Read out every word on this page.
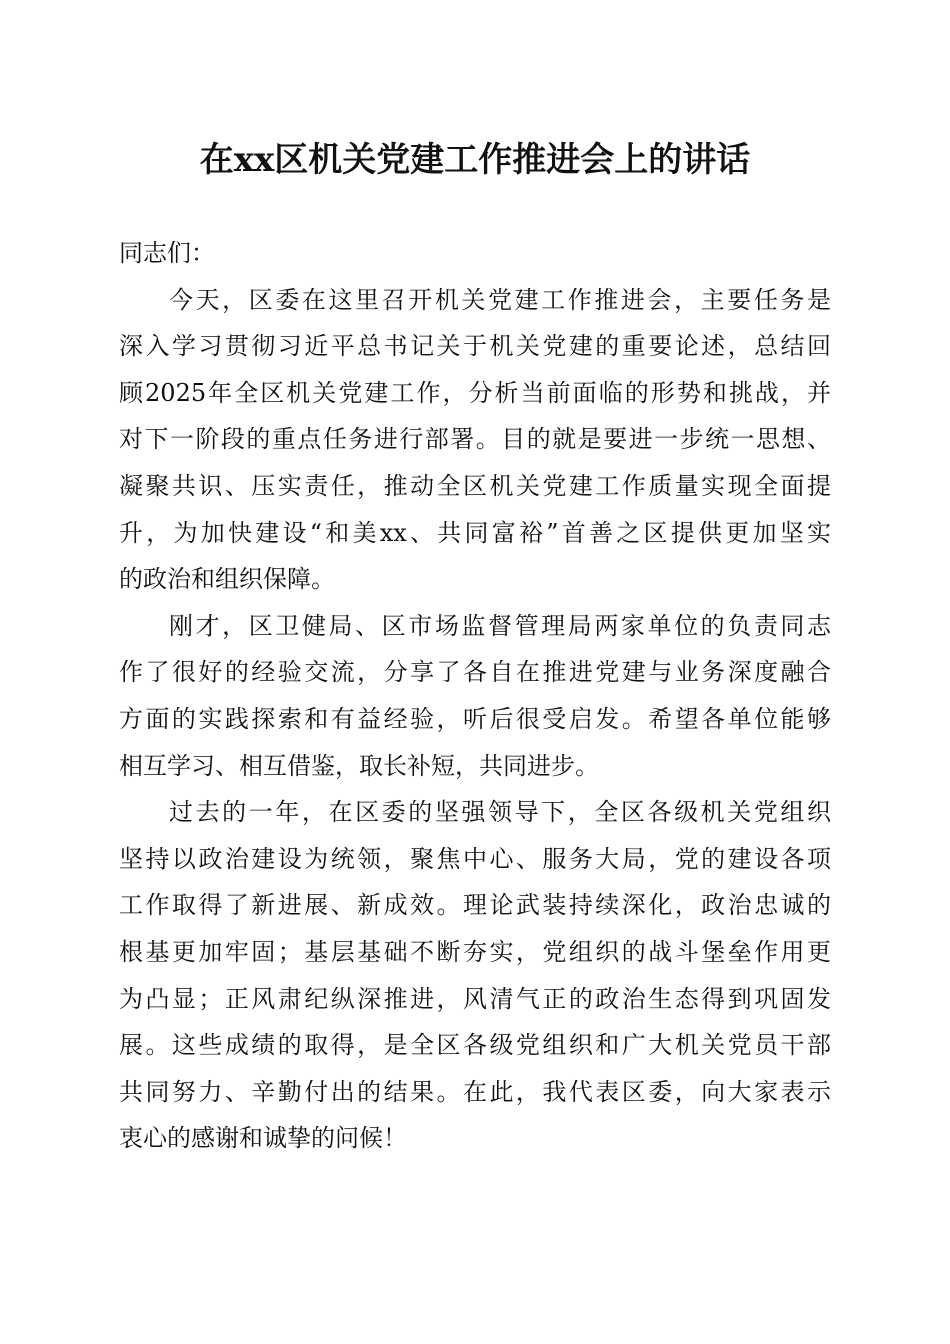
在xx区机关党建工作推进会上的讲话

同志们：

今天，区委在这里召开机关党建工作推进会，主要任务是
深入学习贯彻习近平总书记关于机关党建的重要论述，总结回
顾2025年全区机关党建工作，分析当前面临的形势和挑战，并
对下一阶段的重点任务进行部署。目的就是要进一步统一思想、
凝聚共识、压实责任，推动全区机关党建工作质量实现全面提
升，为加快建设“和美xx、共同富裕”首善之区提供更加坚实
的政治和组织保障。

刚才，区卫健局、区市场监督管理局两家单位的负责同志
作了很好的经验交流，分享了各自在推进党建与业务深度融合
方面的实践探索和有益经验，听后很受启发。希望各单位能够
相互学习、相互借鉴，取长补短，共同进步。

过去的一年，在区委的坚强领导下，全区各级机关党组织
坚持以政治建设为统领，聚焦中心、服务大局，党的建设各项
工作取得了新进展、新成效。理论武装持续深化，政治忠诚的
根基更加牢固；基层基础不断夯实，党组织的战斗堡垒作用更
为凸显；正风肃纪纵深推进，风清气正的政治生态得到巩固发
展。这些成绩的取得，是全区各级党组织和广大机关党员干部
共同努力、辛勤付出的结果。在此，我代表区委，向大家表示
衷心的感谢和诚挚的问候！
